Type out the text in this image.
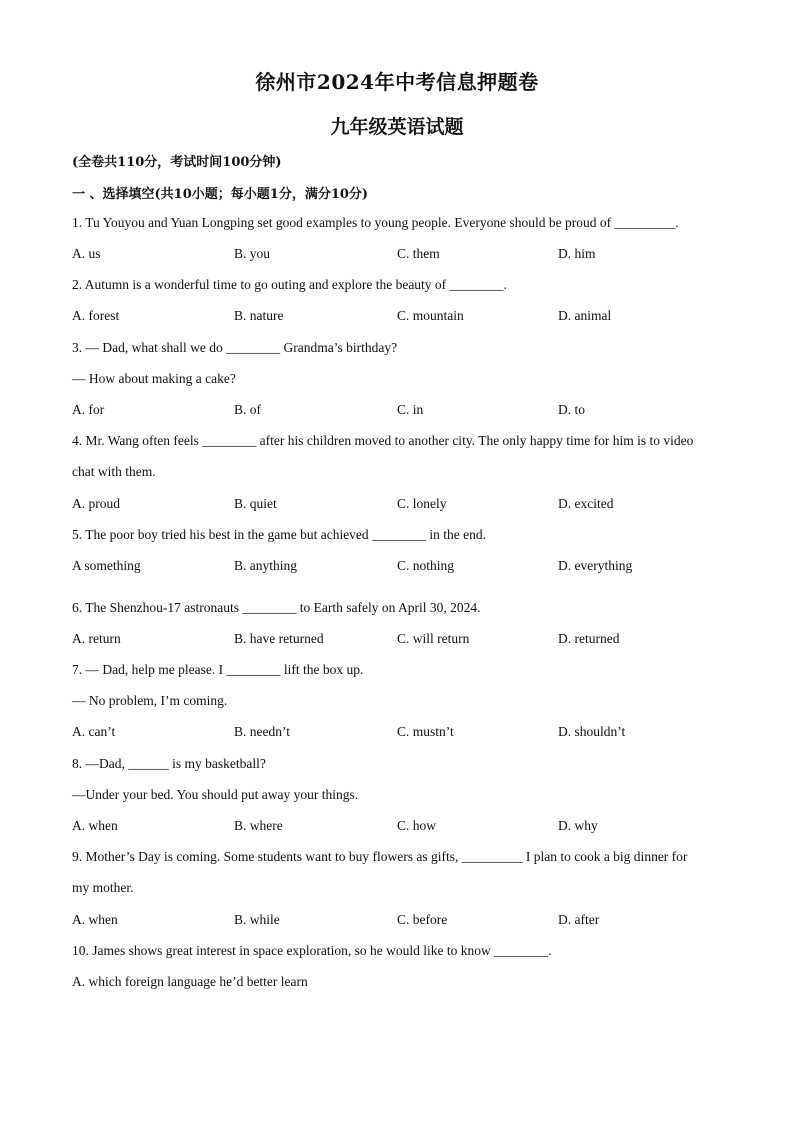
徐州市2024年中考信息押题卷
九年级英语试题
(全卷共110分，考试时间100分钟)
一 、选择填空(共10小题；每小题1分，满分10分)
1. Tu Youyou and Yuan Longping set good examples to young people. Everyone should be proud of _________.
A. us	B. you	C. them	D. him
2. Autumn is a wonderful time to go outing and explore the beauty of ________.
A. forest	B. nature	C. mountain	D. animal
3. — Dad, what shall we do ________ Grandma’s birthday?
— How about making a cake?
A. for	B. of	C. in	D. to
4. Mr. Wang often feels ________ after his children moved to another city. The only happy time for him is to video
chat with them.
A. proud	B. quiet	C. lonely	D. excited
5. The poor boy tried his best in the game but achieved ________ in the end.
A something	B. anything	C. nothing	D. everything
6. The Shenzhou-17 astronauts ________ to Earth safely on April 30, 2024.
A. return	B. have returned	C. will return	D. returned
7. — Dad, help me please. I ________ lift the box up.
— No problem, I’m coming.
A. can’t	B. needn’t	C. mustn’t	D. shouldn’t
8. —Dad, ______ is my basketball?
—Under your bed. You should put away your things.
A. when	B. where	C. how	D. why
9. Mother’s Day is coming. Some students want to buy flowers as gifts, _________ I plan to cook a big dinner for
my mother.
A. when	B. while	C. before	D. after
10. James shows great interest in space exploration, so he would like to know ________.
A. which foreign language he’d better learn
